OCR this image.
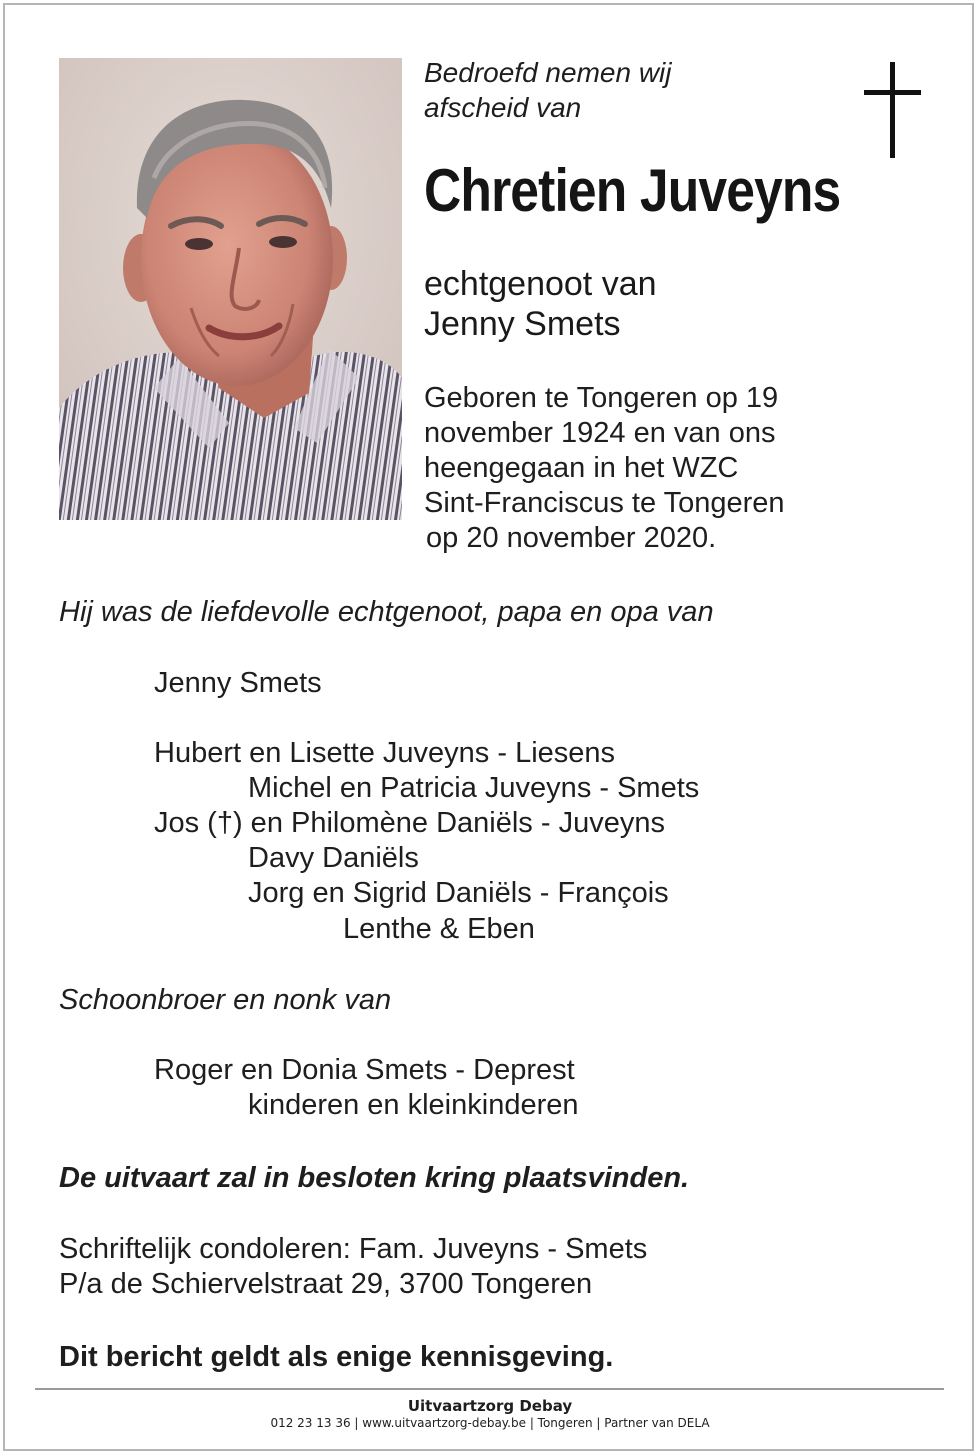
Bedroefd nemen wij
afscheid van
Chretien Juveyns
echtgenoot van
Jenny Smets
Geboren te Tongeren op 19
november 1924 en van ons
heengegaan in het WZC
Sint-Franciscus te Tongeren
op 20 november 2020.
Hij was de liefdevolle echtgenoot, papa en opa van
Jenny Smets
Hubert en Lisette Juveyns - Liesens
Michel en Patricia Juveyns - Smets
Jos (†) en Philomène Daniëls - Juveyns
Davy Daniëls
Jorg en Sigrid Daniëls - François
Lenthe & Eben
Schoonbroer en nonk van
Roger en Donia Smets - Deprest
kinderen en kleinkinderen
De uitvaart zal in besloten kring plaatsvinden.
Schriftelijk condoleren: Fam. Juveyns - Smets
P/a de Schiervelstraat 29, 3700 Tongeren
Dit bericht geldt als enige kennisgeving.
Uitvaartzorg Debay
012 23 13 36 | www.uitvaartzorg-debay.be | Tongeren | Partner van DELA
